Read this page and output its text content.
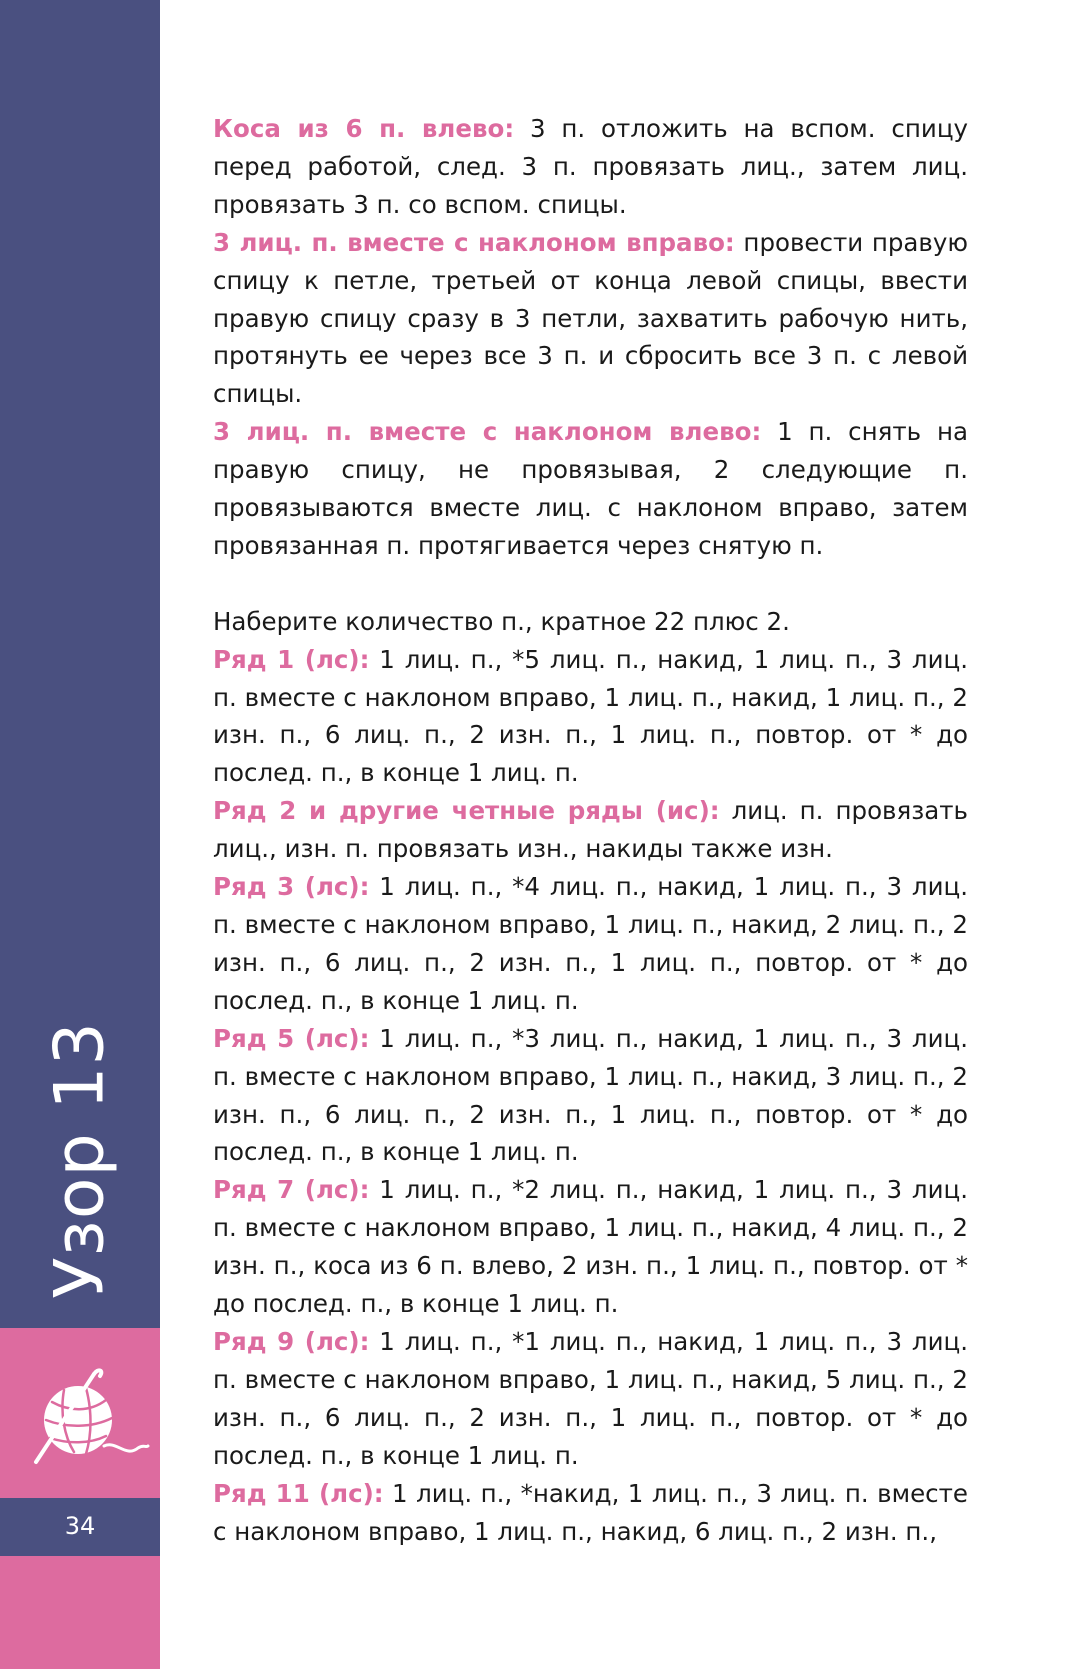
Узор 13
34
Коса из 6 п. влево: 3 п. отложить на вспом. спицу перед работой, след. 3 п. провязать лиц., затем лиц. провязать 3 п. со вспом. спицы.
3 лиц. п. вместе с наклоном вправо: провести правую спицу к петле, третьей от конца левой спицы, ввести правую спицу сразу в 3 петли, захватить рабочую нить, протянуть ее через все 3 п. и сбросить все 3 п. с левой спицы.
3 лиц. п. вместе с наклоном влево: 1 п. снять на правую спицу, не провязывая, 2 следующие п. провязываются вместе лиц. с наклоном вправо, затем провязанная п. протягивается через снятую п.
Наберите количество п., кратное 22 плюс 2.
Ряд 1 (лс): 1 лиц. п., *5 лиц. п., накид, 1 лиц. п., 3 лиц. п. вместе с наклоном вправо, 1 лиц. п., накид, 1 лиц. п., 2 изн. п., 6 лиц. п., 2 изн. п., 1 лиц. п., повтор. от * до послед. п., в конце 1 лиц. п.
Ряд 2 и другие четные ряды (ис): лиц. п. провязать лиц., изн. п. провязать изн., накиды также изн.
Ряд 3 (лс): 1 лиц. п., *4 лиц. п., накид, 1 лиц. п., 3 лиц. п. вместе с наклоном вправо, 1 лиц. п., накид, 2 лиц. п., 2 изн. п., 6 лиц. п., 2 изн. п., 1 лиц. п., повтор. от * до послед. п., в конце 1 лиц. п.
Ряд 5 (лс): 1 лиц. п., *3 лиц. п., накид, 1 лиц. п., 3 лиц. п. вместе с наклоном вправо, 1 лиц. п., накид, 3 лиц. п., 2 изн. п., 6 лиц. п., 2 изн. п., 1 лиц. п., повтор. от * до послед. п., в конце 1 лиц. п.
Ряд 7 (лс): 1 лиц. п., *2 лиц. п., накид, 1 лиц. п., 3 лиц. п. вместе с наклоном вправо, 1 лиц. п., накид, 4 лиц. п., 2 изн. п., коса из 6 п. влево, 2 изн. п., 1 лиц. п., повтор. от * до послед. п., в конце 1 лиц. п.
Ряд 9 (лс): 1 лиц. п., *1 лиц. п., накид, 1 лиц. п., 3 лиц. п. вместе с наклоном вправо, 1 лиц. п., накид, 5 лиц. п., 2 изн. п., 6 лиц. п., 2 изн. п., 1 лиц. п., повтор. от * до послед. п., в конце 1 лиц. п.
Ряд 11 (лс): 1 лиц. п., *накид, 1 лиц. п., 3 лиц. п. вместе с наклоном вправо, 1 лиц. п., накид, 6 лиц. п., 2 изн. п.,
